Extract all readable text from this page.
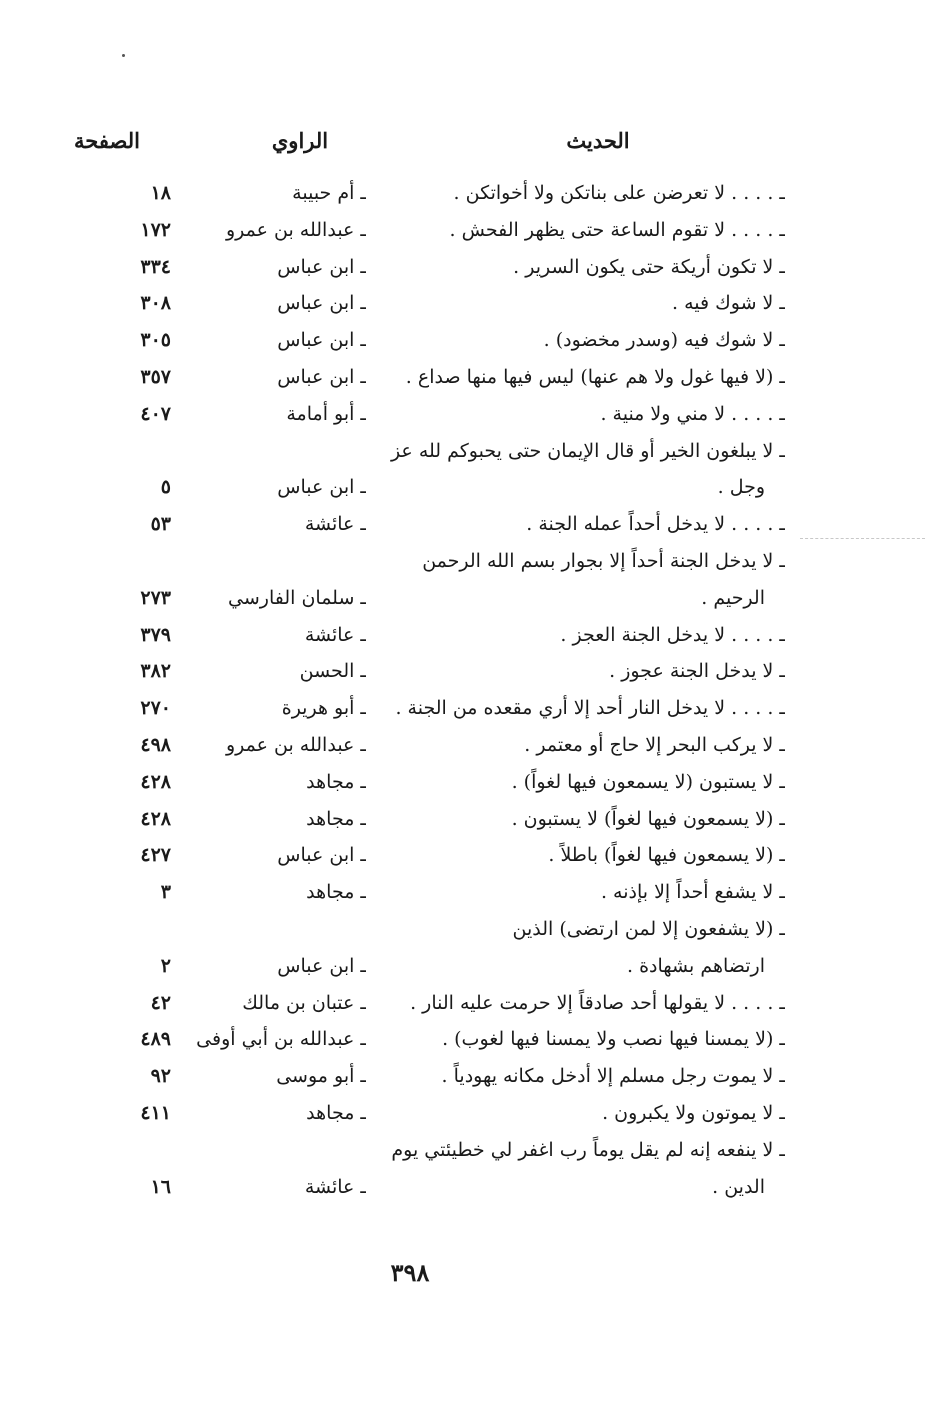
الحديث
الراوي
الصفحة
ـ . . . . لا تعرضن على بناتكن ولا أخواتكن .
ـ أم حبيبة
١٨
ـ . . . . لا تقوم الساعة حتى يظهر الفحش .
ـ عبدالله بن عمرو
١٧٢
ـ لا تكون أريكة حتى يكون السرير .
ـ ابن عباس
٣٣٤
ـ لا شوك فيه .
ـ ابن عباس
٣٠٨
ـ لا شوك فيه (وسدر مخضود) .
ـ ابن عباس
٣٠٥
ـ (لا فيها غول ولا هم عنها) ليس فيها منها صداع .
ـ ابن عباس
٣٥٧
ـ . . . . لا مني ولا منية .
ـ أبو أمامة
٤٠٧
ـ لا يبلغون الخير أو قال الإيمان حتى يحبوكم لله عز
وجل .
ـ ابن عباس
٥
ـ . . . . لا يدخل أحداً عمله الجنة .
ـ عائشة
٥٣
ـ لا يدخل الجنة أحداً إلا بجوار بسم الله الرحمن
الرحيم .
ـ سلمان الفارسي
٢٧٣
ـ . . . . لا يدخل الجنة العجز .
ـ عائشة
٣٧٩
ـ لا يدخل الجنة عجوز .
ـ الحسن
٣٨٢
ـ . . . . لا يدخل النار أحد إلا أري مقعده من الجنة .
ـ أبو هريرة
٢٧٠
ـ لا يركب البحر إلا حاج أو معتمر .
ـ عبدالله بن عمرو
٤٩٨
ـ لا يستبون (لا يسمعون فيها لغواً) .
ـ مجاهد
٤٢٨
ـ (لا يسمعون فيها لغواً) لا يستبون .
ـ مجاهد
٤٢٨
ـ (لا يسمعون فيها لغواً) باطلاً .
ـ ابن عباس
٤٢٧
ـ لا يشفع أحداً إلا بإذنه .
ـ مجاهد
٣
ـ (لا يشفعون إلا لمن ارتضى) الذين
ارتضاهم بشهادة .
ـ ابن عباس
٢
ـ . . . . لا يقولها أحد صادقاً إلا حرمت عليه النار .
ـ عتبان بن مالك
٤٢
ـ (لا يمسنا فيها نصب ولا يمسنا فيها لغوب) .
ـ عبدالله بن أبي أوفى
٤٨٩
ـ لا يموت رجل مسلم إلا أدخل مكانه يهودياً .
ـ أبو موسى
٩٢
ـ لا يموتون ولا يكبرون .
ـ مجاهد
٤١١
ـ لا ينفعه إنه لم يقل يوماً رب اغفر لي خطيئتي يوم
الدين .
ـ عائشة
١٦
٣٩٨
